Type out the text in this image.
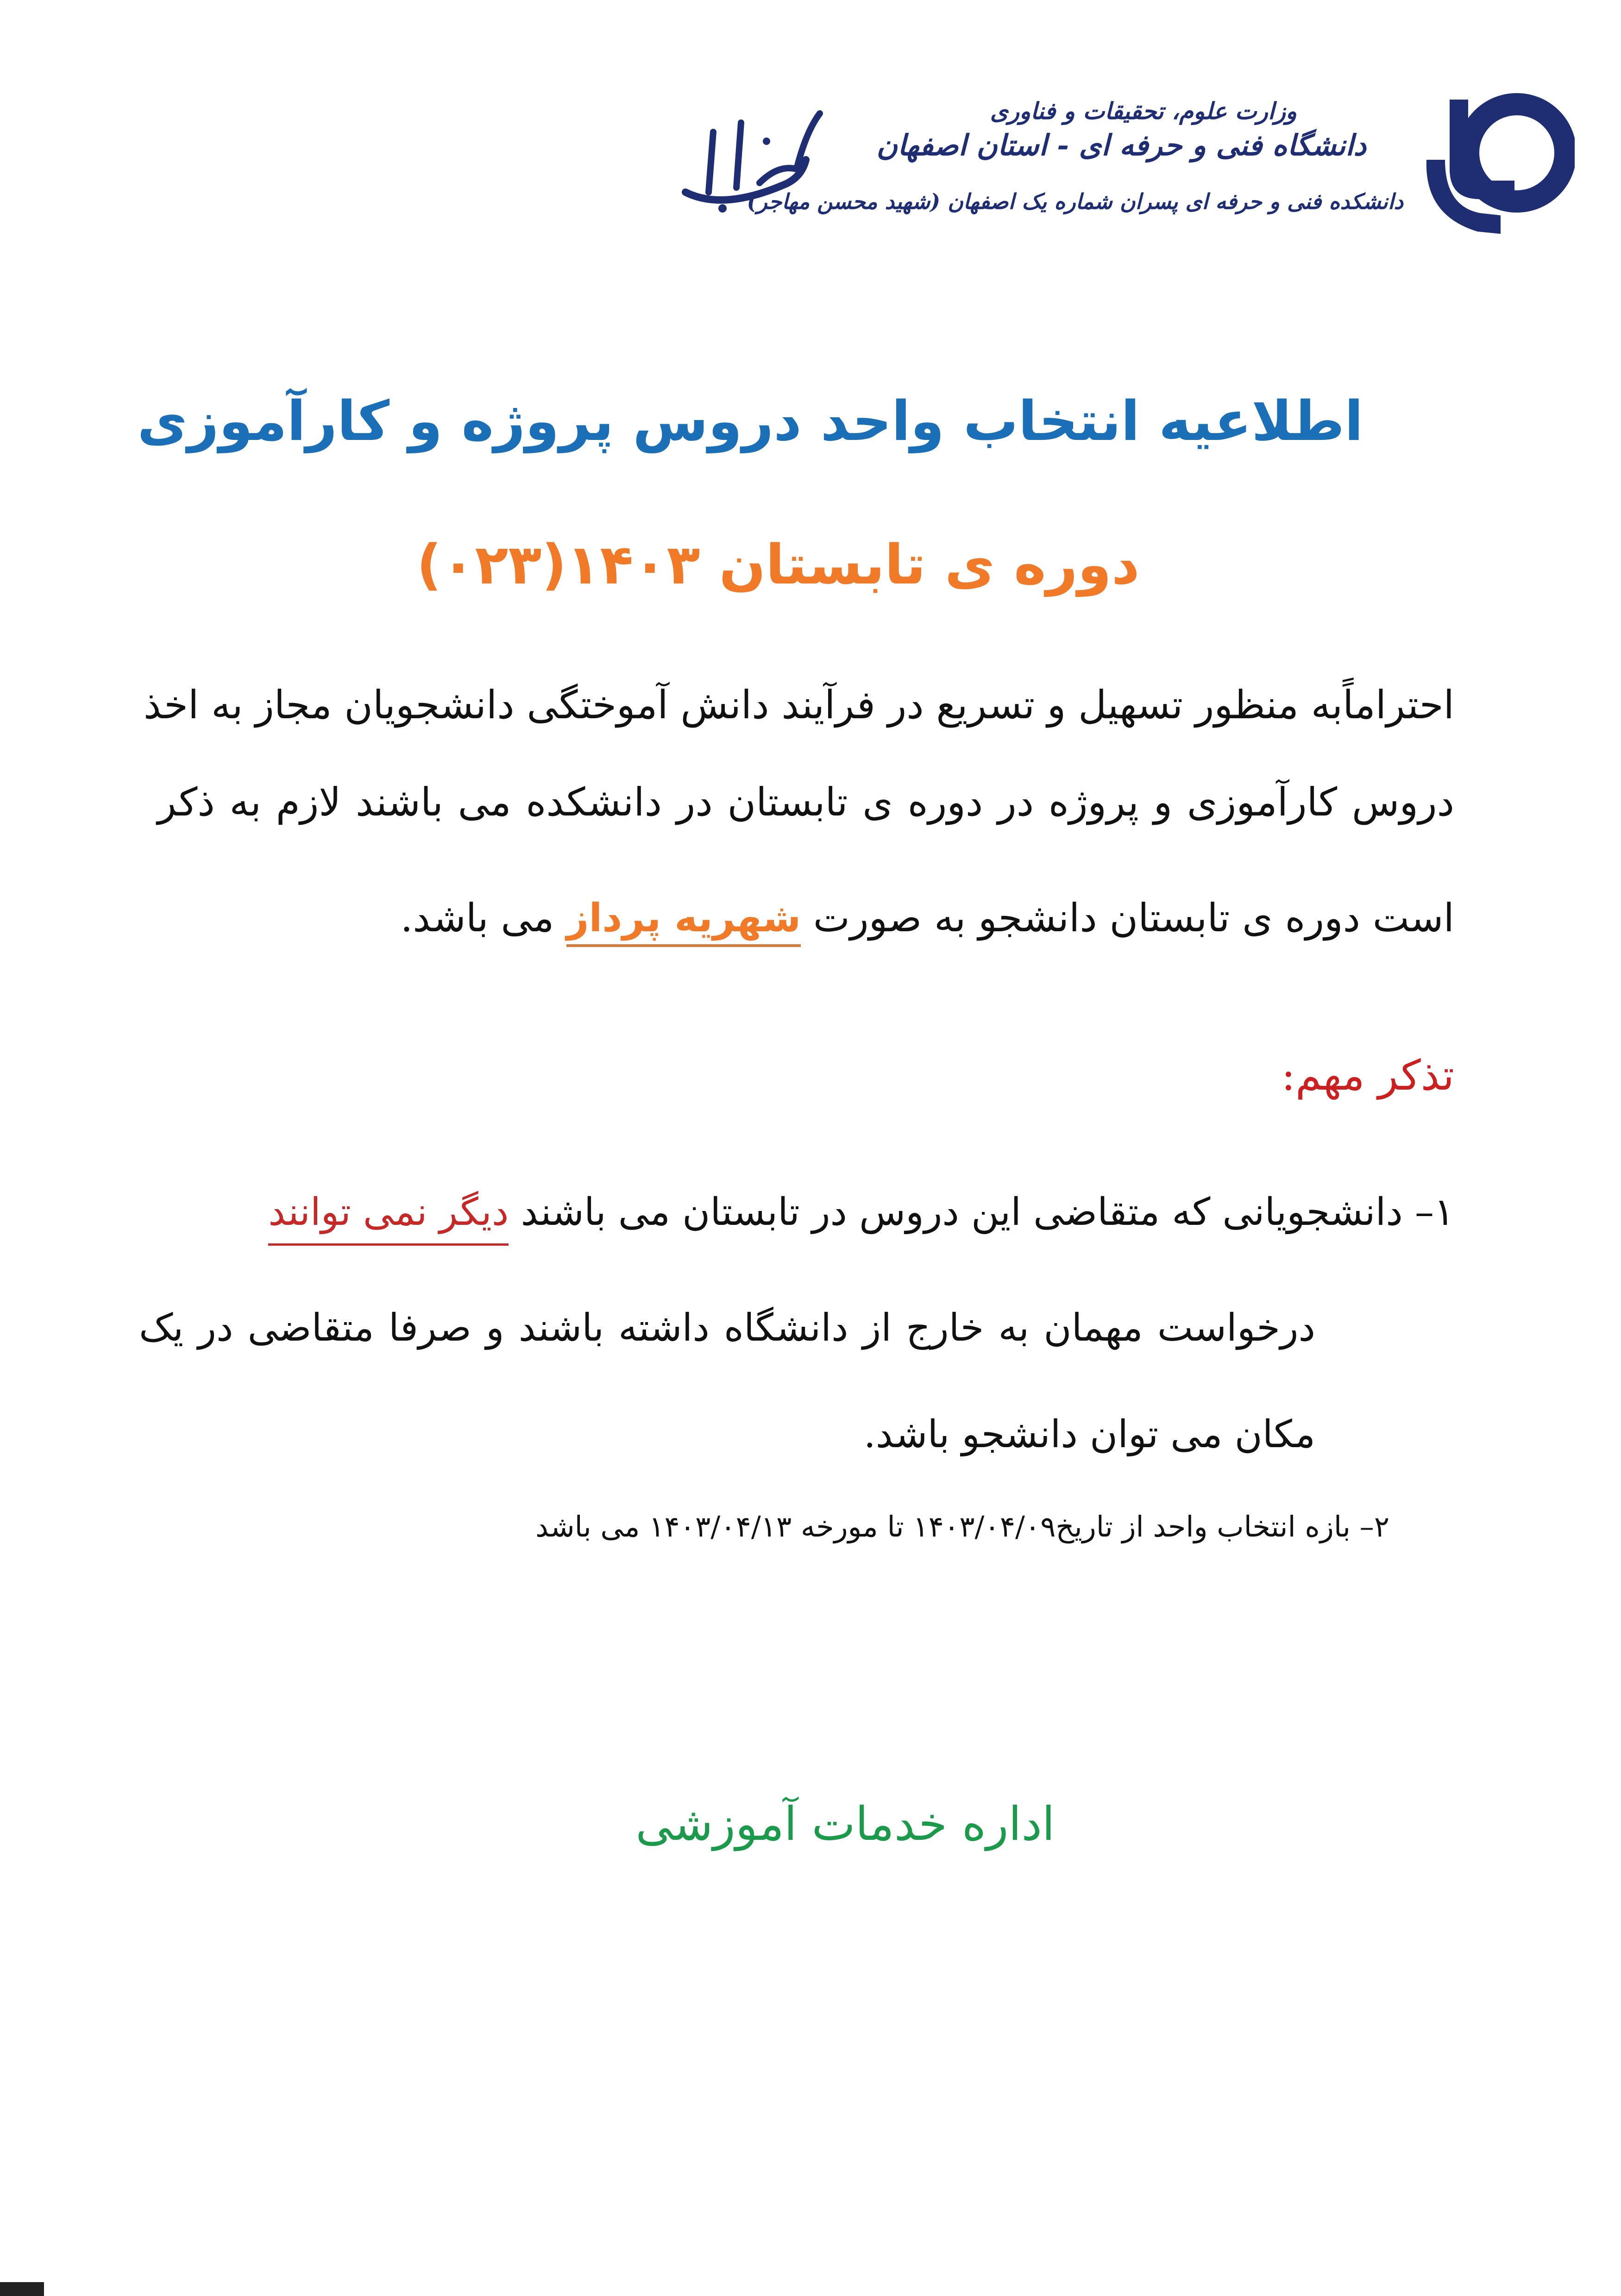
وزارت علوم، تحقیقات و فناوری
دانشگاه فنی و حرفه ای - استان اصفهان
دانشکده فنی و حرفه ای پسران شماره یک اصفهان (شهید محسن مهاجر)
اطلاعیه انتخاب واحد دروس پروژه و کارآموزی
دوره ی تابستان ۱۴۰۳(۰۲۳)
احتراماًبه منظور تسهیل و تسریع در فرآیند دانش آموختگی دانشجویان مجاز به اخذ
دروس کارآموزی و پروژه در دوره ی تابستان در دانشکده می باشند لازم به ذکر
است دوره ی تابستان دانشجو به صورت شهریه پرداز می باشد.
تذکر مهم:
۱– دانشجویانی که متقاضی این دروس در تابستان می باشند دیگر نمی توانند
درخواست مهمان به خارج از دانشگاه داشته باشند و صرفا متقاضی در یک
مکان می توان دانشجو باشد.
۲– بازه انتخاب واحد از تاریخ۱۴۰۳/۰۴/۰۹ تا مورخه ۱۴۰۳/۰۴/۱۳ می باشد
اداره خدمات آموزشی
